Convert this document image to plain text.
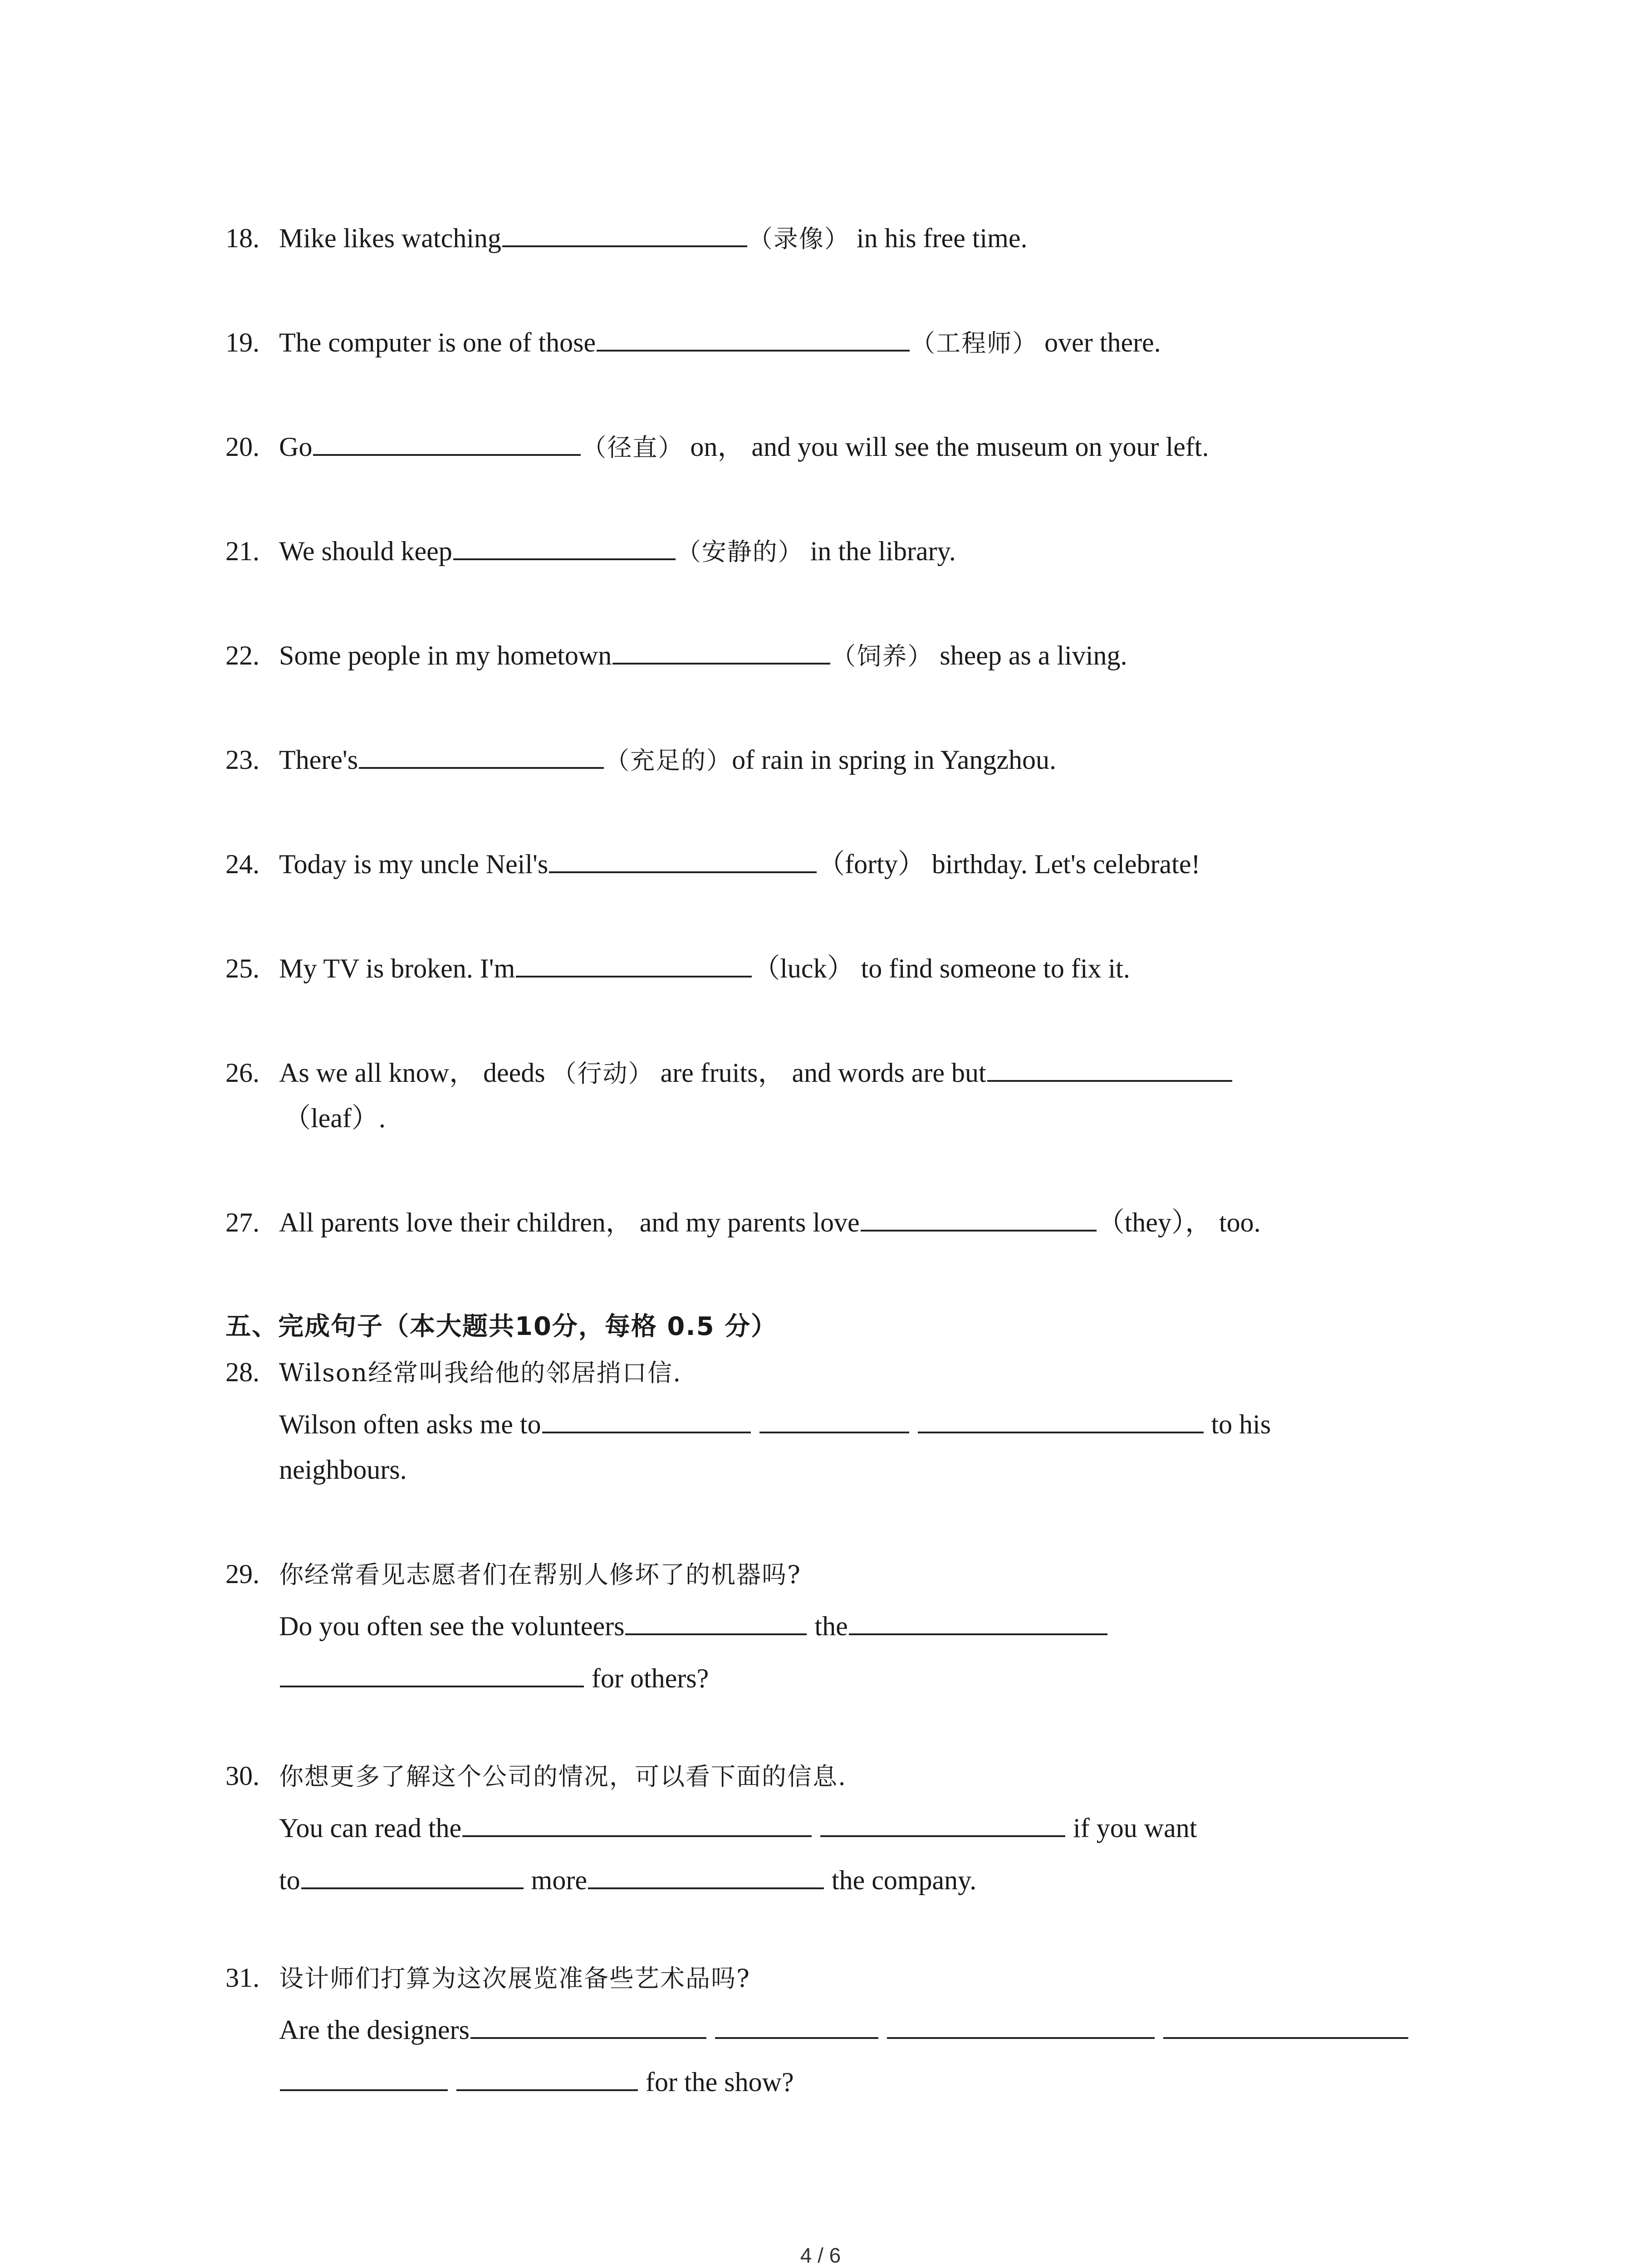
18. Mike likes watching	（录像） in his free time.
19. The computer is one of those	（工程师） over there.
20. Go	（径直） on， and you will see the museum on your left.
21. We should keep	（安静的） in the library.
22. Some people in my hometown	（饲养） sheep as a living.
23. There's	（充足的）of rain in spring in Yangzhou.
24. Today is my uncle Neil's	（forty） birthday. Let's celebrate!
25. My TV is broken. I'm	（luck） to find someone to fix it.
26. As we all know， deeds （行动） are fruits， and words are but
（leaf）.
27. All parents love their children， and my parents love	（they）， too.
五、完成句子（本大题共10分，每格 0.5 分）
28. Wilson经常叫我给他的邻居捎口信.
Wilson often asks me to	to his
neighbours.
29. 你经常看见志愿者们在帮别人修坏了的机器吗?
Do you often see the volunteers	the
for others?
30. 你想更多了解这个公司的情况，可以看下面的信息.
You can read the	if you want
to	more	the company.
31. 设计师们打算为这次展览准备些艺术品吗?
Are the designers
for the show?
4 / 6
